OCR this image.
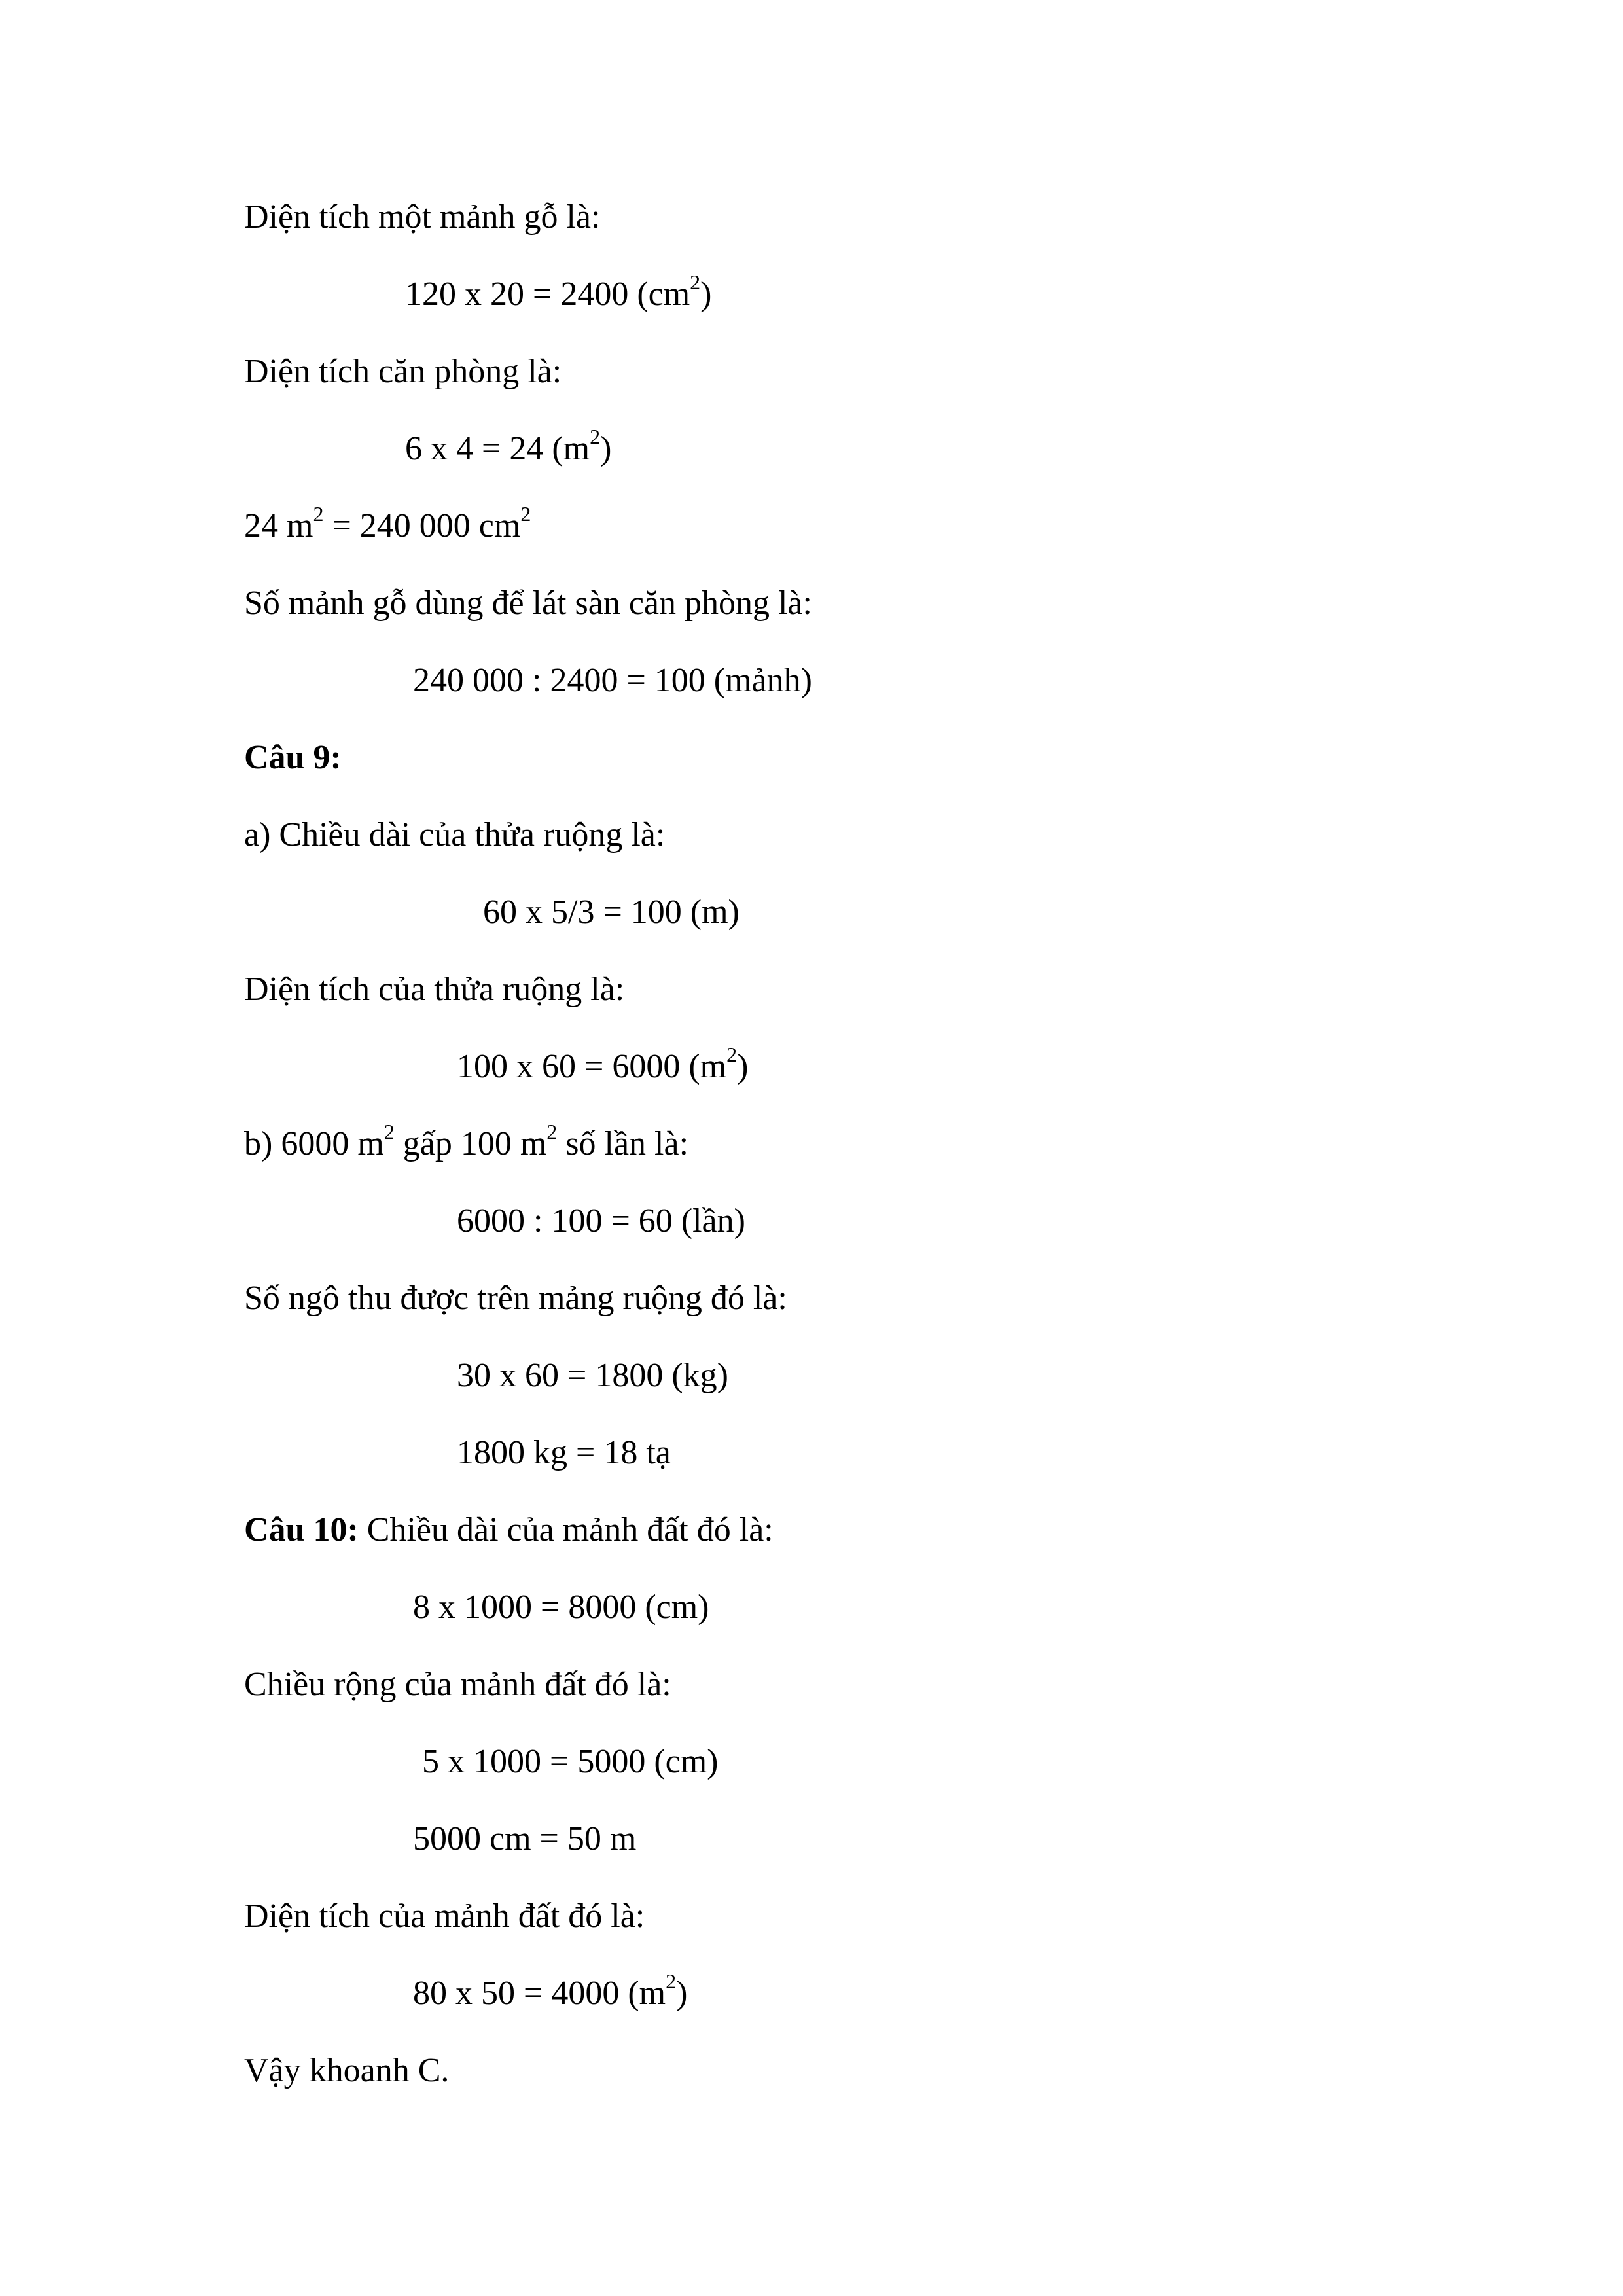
Diện tích một mảnh gỗ là:
120 x 20 = 2400 $(cm^2)$
Diện tích căn phòng là:
6 x 4 = 24 $(m^2)$
24 $m^2 = 240$ 000 $cm^2$
Số mảnh gỗ dùng để lát sàn căn phòng là:
240 000 : 2400 = 100 (mảnh)
Câu 9:
a) Chiều dài của thửa ruộng là:
60 x 5/3 = 100 (m)
Diện tích của thửa ruộng là:
100 x 60 = 6000 $(m^2)$
b) 6000 $m^2$ gấp 100 $m^2$ số lần là:
6000 : 100 = 60 (lần)
Số ngô thu được trên mảng ruộng đó là:
30 x 60 = 1800 (kg)
1800 kg = 18 tạ
Câu 10: Chiều dài của mảnh đất đó là:
8 x 1000 = 8000 (cm)
Chiều rộng của mảnh đất đó là:
5 x 1000 = 5000 (cm)
5000 cm = 50 m
Diện tích của mảnh đất đó là:
80 x 50 = 4000 $(m^2)$
Vậy khoanh C.
